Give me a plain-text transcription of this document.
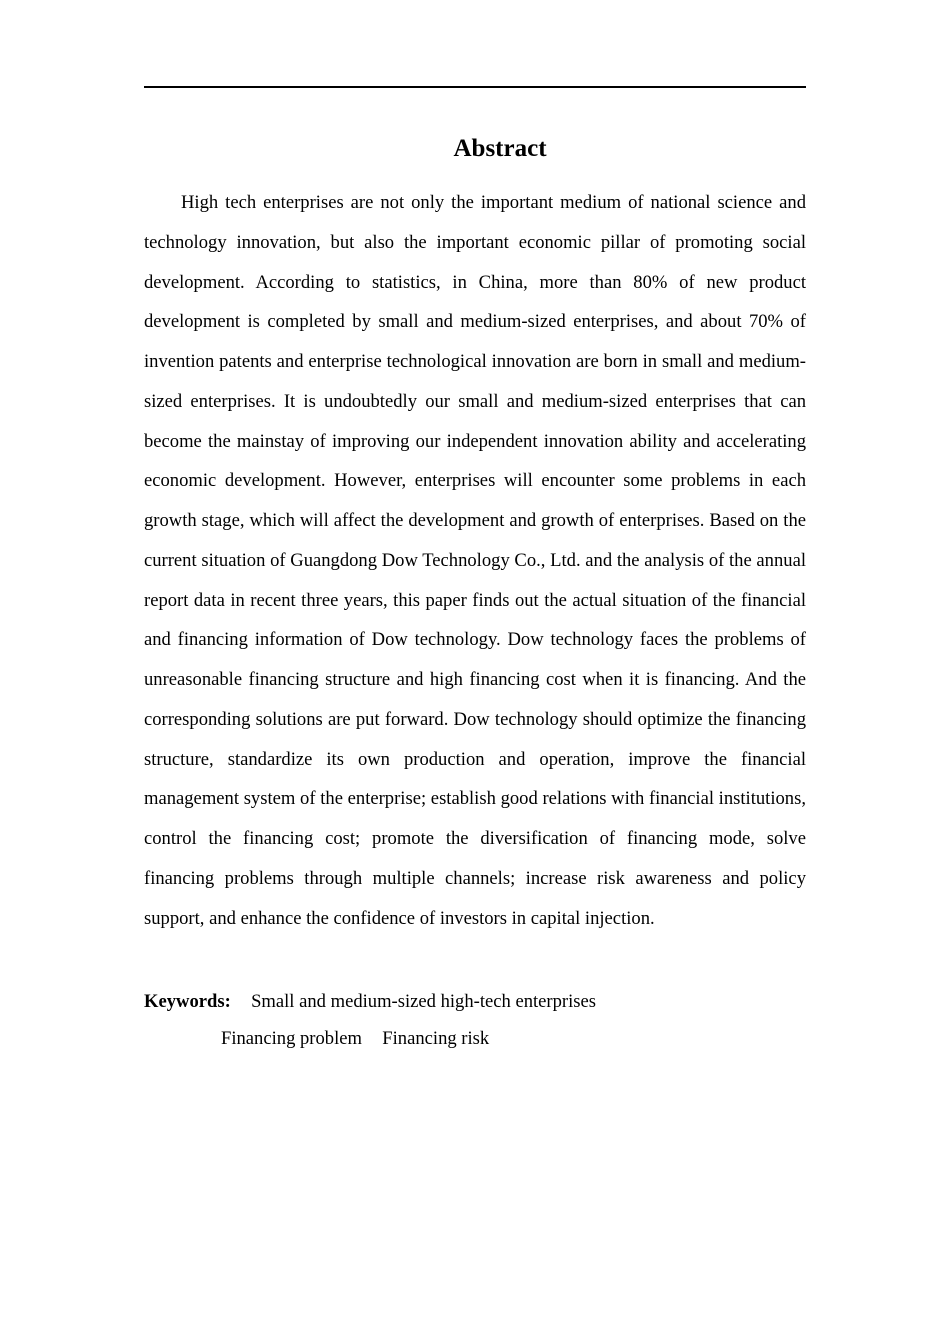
Abstract

High tech enterprises are not only the important medium of national science and technology innovation, but also the important economic pillar of promoting social development. According to statistics, in China, more than 80% of new product development is completed by small and medium-sized enterprises, and about 70% of invention patents and enterprise technological innovation are born in small and medium-sized enterprises. It is undoubtedly our small and medium-sized enterprises that can become the mainstay of improving our independent innovation ability and accelerating economic development. However, enterprises will encounter some problems in each growth stage, which will affect the development and growth of enterprises. Based on the current situation of Guangdong Dow Technology Co., Ltd. and the analysis of the annual report data in recent three years, this paper finds out the actual situation of the financial and financing information of Dow technology. Dow technology faces the problems of unreasonable financing structure and high financing cost when it is financing. And the corresponding solutions are put forward. Dow technology should optimize the financing structure, standardize its own production and operation, improve the financial management system of the enterprise; establish good relations with financial institutions, control the financing cost; promote the diversification of financing mode, solve financing problems through multiple channels; increase risk awareness and policy support, and enhance the confidence of investors in capital injection.

Keywords: Small and medium-sized high-tech enterprises
Financing problem Financing risk
